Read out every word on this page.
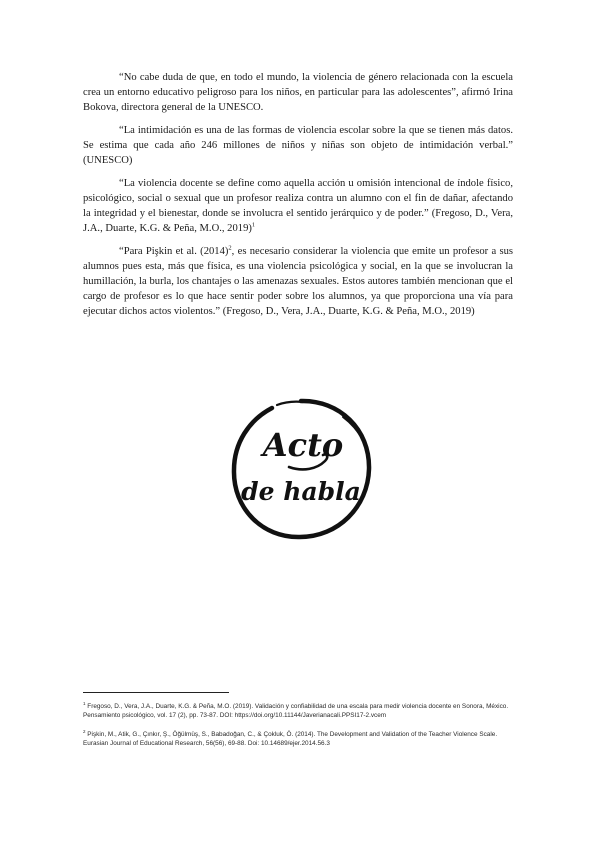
“No cabe duda de que, en todo el mundo, la violencia de género relacionada con la escuela crea un entorno educativo peligroso para los niños, en particular para las adolescentes”, afirmó Irina Bokova, directora general de la UNESCO.

“La intimidación es una de las formas de violencia escolar sobre la que se tienen más datos. Se estima que cada año 246 millones de niños y niñas son objeto de intimidación verbal.” (UNESCO)

“La violencia docente se define como aquella acción u omisión intencional de índole físico, psicológico, social o sexual que un profesor realiza contra un alumno con el fin de dañar, afectando la integridad y el bienestar, donde se involucra el sentido jerárquico y de poder.” (Fregoso, D., Vera, J.A., Duarte, K.G. & Peña, M.O., 2019)$^1$

“Para Pişkin et al. $(2014)^2$, es necesario considerar la violencia que emite un profesor a sus alumnos pues esta, más que física, es una violencia psicológica y social, en la que se involucran la humillación, la burla, los chantajes o las amenazas sexuales. Estos autores también mencionan que el cargo de profesor es lo que hace sentir poder sobre los alumnos, ya que proporciona una vía para ejecutar dichos actos violentos.” (Fregoso, D., Vera, J.A., Duarte, K.G. & Peña, M.O., 2019)

Acto
de habla

$^1$ Fregoso, D., Vera, J.A., Duarte, K.G. & Peña, M.O. (2019). Validación y confiabilidad de una escala para medir violencia docente en Sonora, México. Pensamiento psicológico, vol. 17 (2), pp. 73-87. DOI: https://doi.org/10.11144/Javerianacali.PPSI17-2.vcem

$^2$ Pişkin, M., Atik, G., Çınkır, Ş., Öğülmüş, S., Babadoğan, C., & Çokluk, Ö. (2014). The Development and Validation of the Teacher Violence Scale. Eurasian Journal of Educational Research, 56(56), 69-88. Doi: 10.14689/ejer.2014.56.3
